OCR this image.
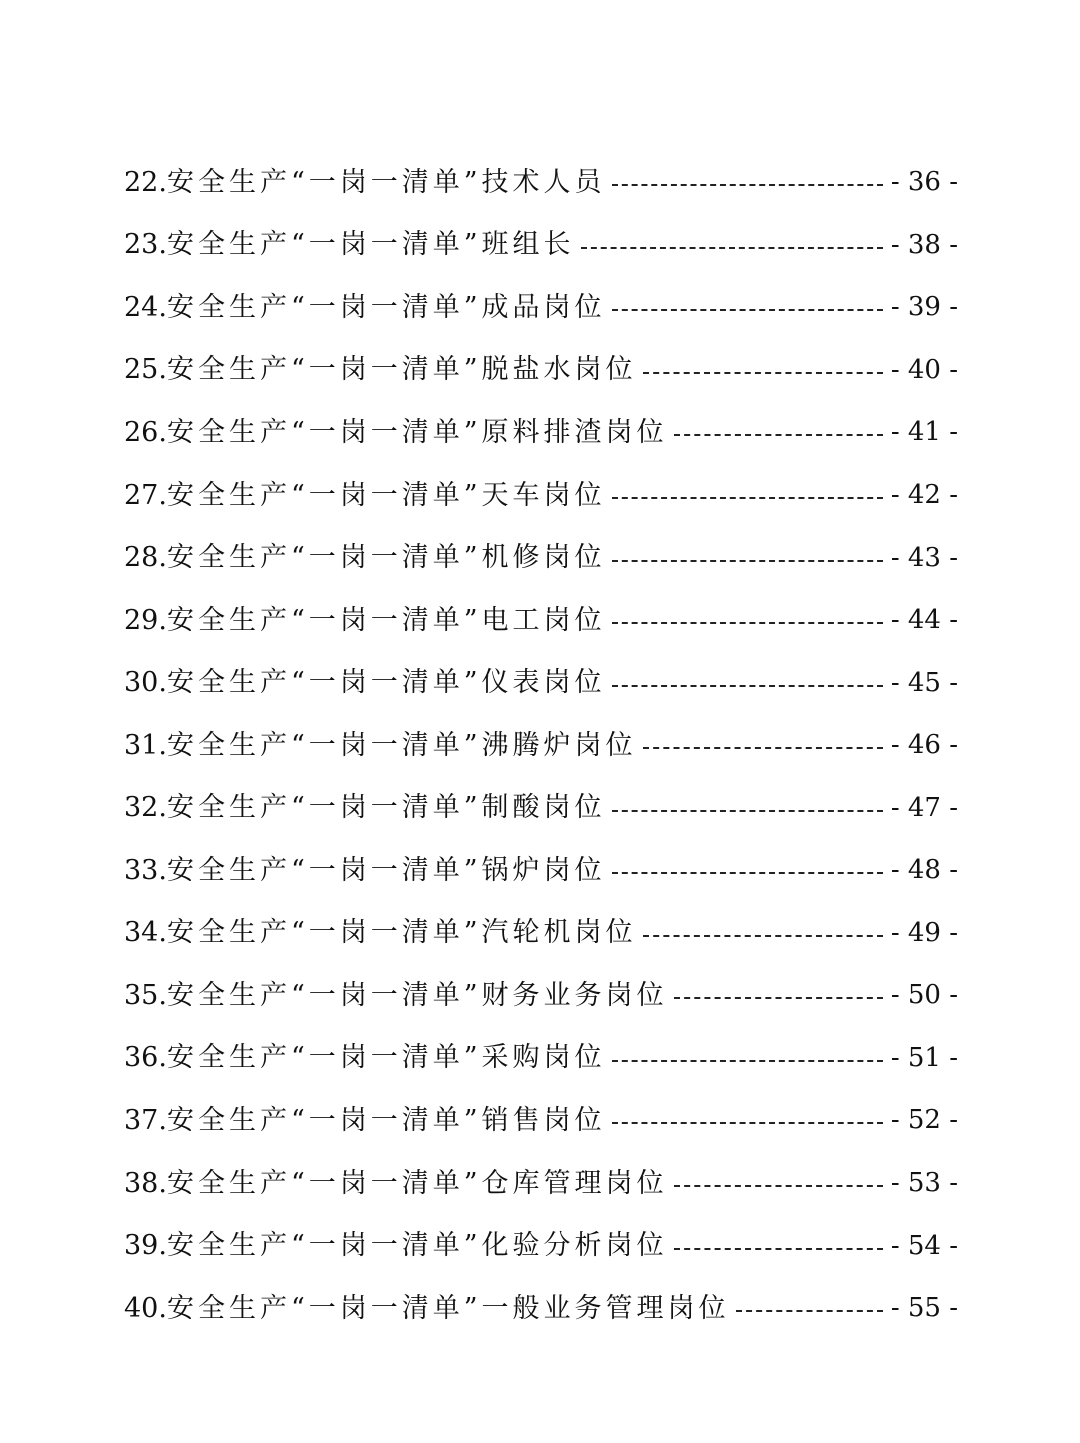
22. 安全生产“一岗一清单”技术人员	- 36 -
23. 安全生产“一岗一清单”班组长	- 38 -
24. 安全生产“一岗一清单”成品岗位	- 39 -
25. 安全生产“一岗一清单”脱盐水岗位	- 40 -
26. 安全生产“一岗一清单”原料排渣岗位	- 41 -
27. 安全生产“一岗一清单”天车岗位	- 42 -
28. 安全生产“一岗一清单”机修岗位	- 43 -
29. 安全生产“一岗一清单”电工岗位	- 44 -
30. 安全生产“一岗一清单”仪表岗位	- 45 -
31. 安全生产“一岗一清单”沸腾炉岗位	- 46 -
32. 安全生产“一岗一清单”制酸岗位	- 47 -
33. 安全生产“一岗一清单”锅炉岗位	- 48 -
34. 安全生产“一岗一清单”汽轮机岗位	- 49 -
35. 安全生产“一岗一清单”财务业务岗位	- 50 -
36. 安全生产“一岗一清单”采购岗位	- 51 -
37. 安全生产“一岗一清单”销售岗位	- 52 -
38. 安全生产“一岗一清单”仓库管理岗位	- 53 -
39. 安全生产“一岗一清单”化验分析岗位	- 54 -
40. 安全生产“一岗一清单”一般业务管理岗位	- 55 -
